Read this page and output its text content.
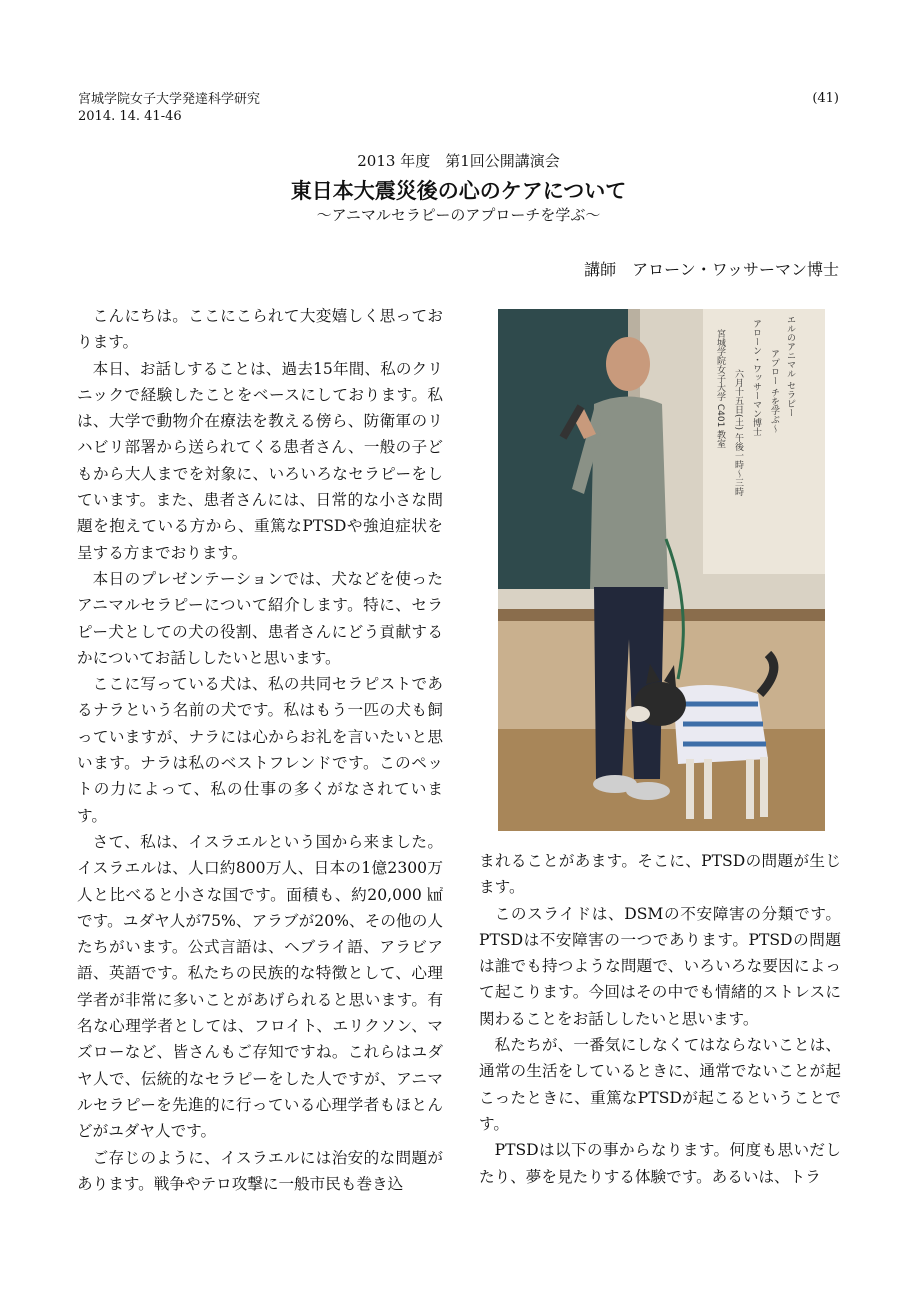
宮城学院女子大学発達科学研究
2014. 14. 41-46
(41)
2013 年度　第1回公開講演会
東日本大震災後の心のケアについて
〜アニマルセラピーのアプローチを学ぶ〜
講師　アローン・ワッサーマン博士

こんにちは。ここにこられて大変嬉しく思っております。

本日、お話しすることは、過去15年間、私のクリニックで経験したことをベースにしております。私は、大学で動物介在療法を教える傍ら、防衛軍のリハビリ部署から送られてくる患者さん、一般の子どもから大人までを対象に、いろいろなセラピーをしています。また、患者さんには、日常的な小さな問題を抱えている方から、重篤なPTSDや強迫症状を呈する方までおります。

本日のプレゼンテーションでは、犬などを使ったアニマルセラピーについて紹介します。特に、セラピー犬としての犬の役割、患者さんにどう貢献するかについてお話ししたいと思います。

ここに写っている犬は、私の共同セラピストであるナラという名前の犬です。私はもう一匹の犬も飼っていますが、ナラには心からお礼を言いたいと思います。ナラは私のベストフレンドです。このペットの力によって、私の仕事の多くがなされています。

さて、私は、イスラエルという国から来ました。イスラエルは、人口約800万人、日本の1億2300万人と比べると小さな国です。面積も、約20,000 ㎢です。ユダヤ人が75%、アラブが20%、その他の人たちがいます。公式言語は、ヘブライ語、アラビア語、英語です。私たちの民族的な特徴として、心理学者が非常に多いことがあげられると思います。有名な心理学者としては、フロイト、エリクソン、マズローなど、皆さんもご存知ですね。これらはユダヤ人で、伝統的なセラピーをした人ですが、アニマルセラピーを先進的に行っている心理学者もほとんどがユダヤ人です。

ご存じのように、イスラエルには治安的な問題があります。戦争やテロ攻撃に一般市民も巻き込

エルのアニマル セラピー
アプロー チを学ぶ〜
アローン・ワッサーマン博士
六月十五日(土) 午後一時〜三時
宮城学院女子大学 C401 教室

まれることがあます。そこに、PTSDの問題が生じます。

このスライドは、DSMの不安障害の分類です。PTSDは不安障害の一つであります。PTSDの問題は誰でも持つような問題で、いろいろな要因によって起こります。今回はその中でも情緒的ストレスに関わることをお話ししたいと思います。

私たちが、一番気にしなくてはならないことは、通常の生活をしているときに、通常でないことが起こったときに、重篤なPTSDが起こるということです。

PTSDは以下の事からなります。何度も思いだしたり、夢を見たりする体験です。あるいは、トラ
